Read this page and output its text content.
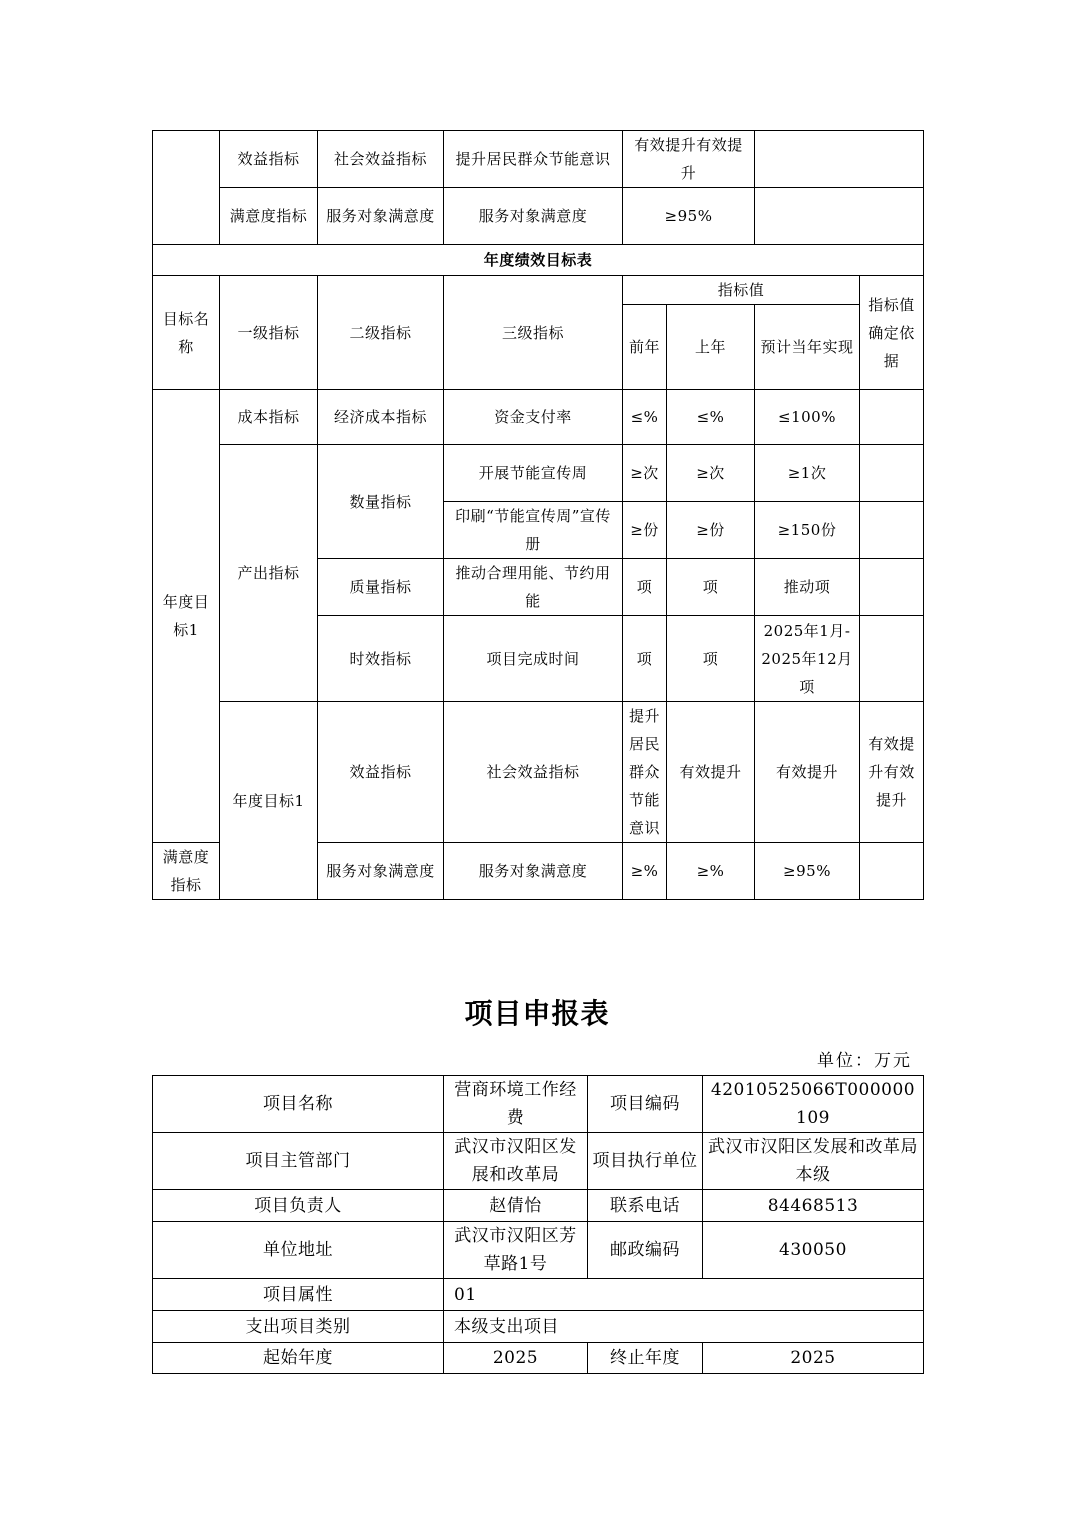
	效益指标	社会效益指标	提升居民群众节能意识	有效提升有效提升				
	满意度指标	服务对象满意度	服务对象满意度	≥95%				
年度绩效目标表								
目标名称	一级指标	二级指标	三级指标	指标值			指标值确定依据	
				前年	上年	预计当年实现		
年度目标1	成本指标	经济成本指标	资金支付率	≤%	≤%	≤100%		
	产出指标	数量指标	开展节能宣传周	≥次	≥次	≥1次		
			印刷“节能宣传周”宣传册	≥份	≥份	≥150份		
		质量指标	推动合理用能、节约用能	项	项	推动项		
		时效指标	项目完成时间	项	项	2025年1月-2025年12月项		
	年度目标1	效益指标	社会效益指标	提升居民群众节能意识	有效提升	有效提升	有效提升有效提升	
满意度指标		服务对象满意度	服务对象满意度	≥%	≥%	≥95%		
项目申报表
单位：万元
项目名称	营商环境工作经费	项目编码	42010525066T000000109
项目主管部门	武汉市汉阳区发展和改革局	项目执行单位	武汉市汉阳区发展和改革局本级
项目负责人	赵倩怡	联系电话	84468513
单位地址	武汉市汉阳区芳草路1号	邮政编码	430050
项目属性	01		
支出项目类别	本级支出项目		
起始年度	2025	终止年度	2025
